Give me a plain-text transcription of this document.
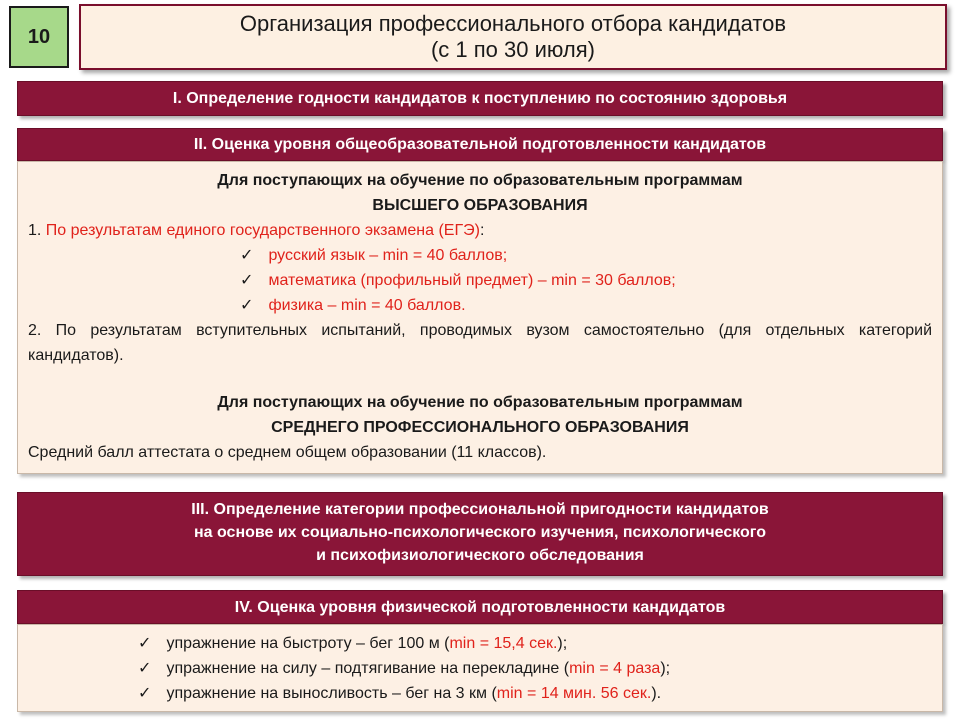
10
Организация профессионального отбора кандидатов
(с 1 по 30 июля)
I. Определение годности кандидатов к поступлению по состоянию здоровья
II. Оценка уровня общеобразовательной подготовленности кандидатов
Для поступающих на обучение по образовательным программам
ВЫСШЕГО ОБРАЗОВАНИЯ
1. По результатам единого государственного экзамена (ЕГЭ):
✓ русский язык – min = 40 баллов;
✓ математика (профильный предмет) – min = 30 баллов;
✓ физика – min = 40 баллов.
2. По результатам вступительных испытаний, проводимых вузом самостоятельно (для отдельных категорий кандидатов).
Для поступающих на обучение по образовательным программам
СРЕДНЕГО ПРОФЕССИОНАЛЬНОГО ОБРАЗОВАНИЯ
Средний балл аттестата о среднем общем образовании (11 классов).
III. Определение категории профессиональной пригодности кандидатов
на основе их социально-психологического изучения, психологического
и психофизиологического обследования
IV. Оценка уровня физической подготовленности кандидатов
✓ упражнение на быстроту – бег 100 м (min = 15,4 сек.);
✓ упражнение на силу – подтягивание на перекладине (min = 4 раза);
✓ упражнение на выносливость – бег на 3 км (min = 14 мин. 56 сек.).
